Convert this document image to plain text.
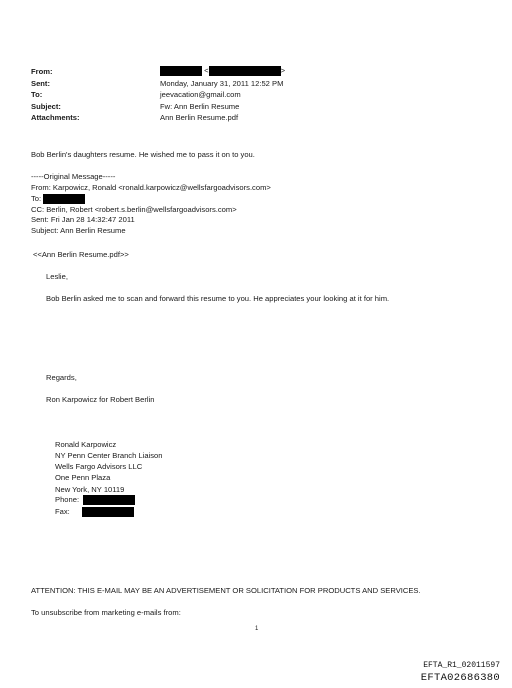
From:	<	>
Sent:	Monday, January 31, 2011 12:52 PM
To:	jeevacation@gmail.com
Subject:	Fw: Ann Berlin Resume
Attachments:	Ann Berlin Resume.pdf
Bob Berlin's daughters resume. He wished me to pass it on to you.
-----Original Message-----
From: Karpowicz, Ronald <ronald.karpowicz@wellsfargoadvisors.com>
To:
CC: Berlin, Robert <robert.s.berlin@wellsfargoadvisors.com>
Sent: Fri Jan 28 14:32:47 2011
Subject: Ann Berlin Resume
<<Ann Berlin Resume.pdf>>
Leslie,
Bob Berlin asked me to scan and forward this resume to you. He appreciates your looking at it for him.
Regards,
Ron Karpowicz for Robert Berlin
Ronald Karpowicz
NY Penn Center Branch Liaison
Wells Fargo Advisors LLC
One Penn Plaza
New York, NY 10119
Phone:
Fax:
ATTENTION: THIS E-MAIL MAY BE AN ADVERTISEMENT OR SOLICITATION FOR PRODUCTS AND SERVICES.
To unsubscribe from marketing e-mails from:
1
EFTA_R1_02011597
EFTA02686380
